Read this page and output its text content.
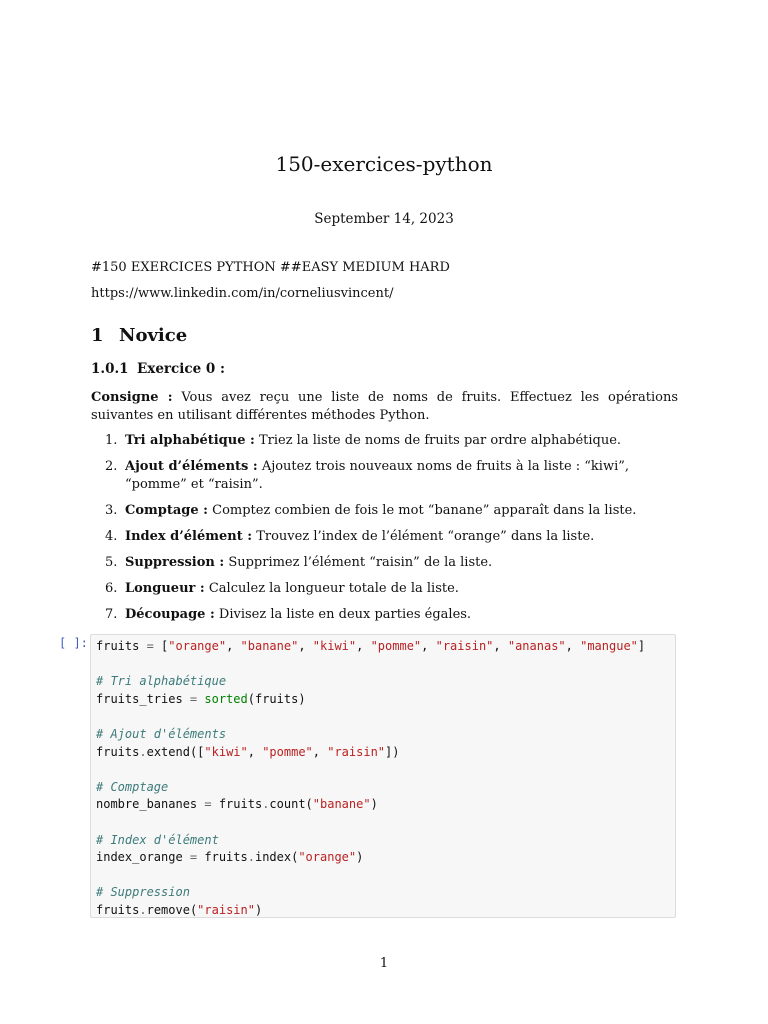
150-exercices-python
September 14, 2023
#150 EXERCICES PYTHON ##EASY MEDIUM HARD
https://www.linkedin.com/in/corneliusvincent/
1 Novice
1.0.1 Exercice 0 :
Consigne : Vous avez reçu une liste de noms de fruits. Effectuez les opérations suivantes en utilisant différentes méthodes Python.
1. Tri alphabétique : Triez la liste de noms de fruits par ordre alphabétique.
2. Ajout d’éléments : Ajoutez trois nouveaux noms de fruits à la liste : “kiwi”, “pomme” et “raisin”.
3. Comptage : Comptez combien de fois le mot “banane” apparaît dans la liste.
4. Index d’élément : Trouvez l’index de l’élément “orange” dans la liste.
5. Suppression : Supprimez l’élément “raisin” de la liste.
6. Longueur : Calculez la longueur totale de la liste.
7. Découpage : Divisez la liste en deux parties égales.
[ ]: fruits = ["orange", "banane", "kiwi", "pomme", "raisin", "ananas", "mangue"]

# Tri alphabétique
fruits_tries = sorted(fruits)

# Ajout d'éléments
fruits.extend(["kiwi", "pomme", "raisin"])

# Comptage
nombre_bananes = fruits.count("banane")

# Index d'élément
index_orange = fruits.index("orange")

# Suppression
fruits.remove("raisin")
1
